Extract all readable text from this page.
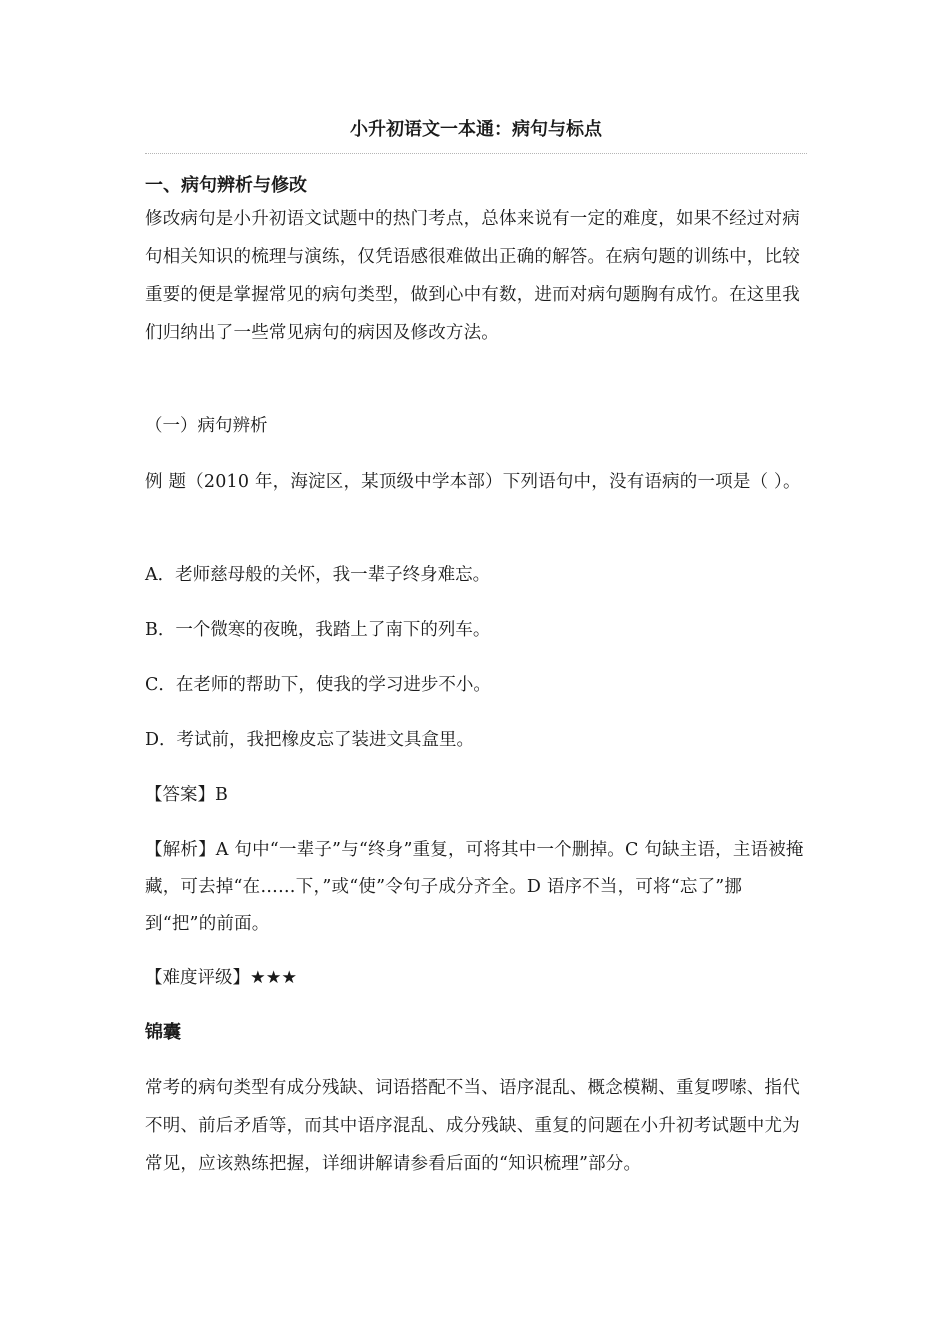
小升初语文一本通：病句与标点
一、病句辨析与修改
修改病句是小升初语文试题中的热门考点，总体来说有一定的难度，如果不经过对病句相关知识的梳理与演练，仅凭语感很难做出正确的解答。在病句题的训练中，比较重要的便是掌握常见的病句类型，做到心中有数，进而对病句题胸有成竹。在这里我们归纳出了一些常见病句的病因及修改方法。
（一）病句辨析
例 题（2010 年，海淀区，某顶级中学本部）下列语句中，没有语病的一项是（ ）。
A．老师慈母般的关怀，我一辈子终身难忘。
B．一个微寒的夜晚，我踏上了南下的列车。
C．在老师的帮助下，使我的学习进步不小。
D．考试前，我把橡皮忘了装进文具盒里。
【答案】B
【解析】A 句中“一辈子”与“终身”重复，可将其中一个删掉。C 句缺主语，主语被掩藏，可去掉“在……下，”或“使”令句子成分齐全。D 语序不当，可将“忘了”挪到“把”的前面。
【难度评级】★★★
锦囊
常考的病句类型有成分残缺、词语搭配不当、语序混乱、概念模糊、重复啰嗦、指代不明、前后矛盾等，而其中语序混乱、成分残缺、重复的问题在小升初考试题中尤为常见，应该熟练把握，详细讲解请参看后面的“知识梳理”部分。
